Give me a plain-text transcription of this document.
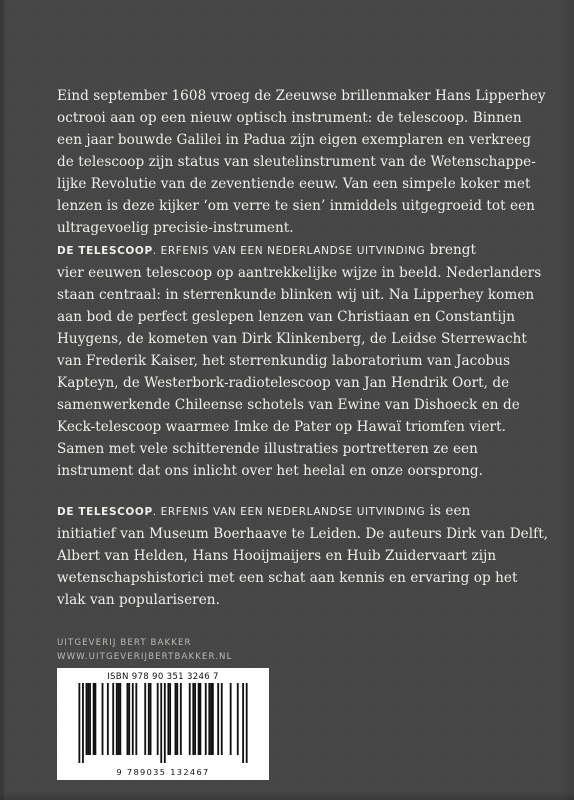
Eind september 1608 vroeg de Zeeuwse brillenmaker Hans Lipperhey
octrooi aan op een nieuw optisch instrument: de telescoop. Binnen
een jaar bouwde Galilei in Padua zijn eigen exemplaren en verkreeg
de telescoop zijn status van sleutelinstrument van de Wetenschappe-
lijke Revolutie van de zeventiende eeuw. Van een simpele koker met
lenzen is deze kijker ‘om verre te sien’ inmiddels uitgegroeid tot een
ultragevoelig precisie-instrument.

DE TELESCOOP. ERFENIS VAN EEN NEDERLANDSE UITVINDING brengt
vier eeuwen telescoop op aantrekkelijke wijze in beeld. Nederlanders
staan centraal: in sterrenkunde blinken wij uit. Na Lipperhey komen
aan bod de perfect geslepen lenzen van Christiaan en Constantijn
Huygens, de kometen van Dirk Klinkenberg, de Leidse Sterrewacht
van Frederik Kaiser, het sterrenkundig laboratorium van Jacobus
Kapteyn, de Westerbork-radiotelescoop van Jan Hendrik Oort, de
samenwerkende Chileense schotels van Ewine van Dishoeck en de
Keck-telescoop waarmee Imke de Pater op Hawaï triomfen viert.
Samen met vele schitterende illustraties portretteren ze een
instrument dat ons inlicht over het heelal en onze oorsprong.

DE TELESCOOP. ERFENIS VAN EEN NEDERLANDSE UITVINDING is een
initiatief van Museum Boerhaave te Leiden. De auteurs Dirk van Delft,
Albert van Helden, Hans Hooijmaijers en Huib Zuidervaart zijn
wetenschapshistorici met een schat aan kennis en ervaring op het
vlak van populariseren.

UITGEVERIJ BERT BAKKER
WWW.UITGEVERIJBERTBAKKER.NL
ISBN 978 90 351 3246 7
9 789035 132467
